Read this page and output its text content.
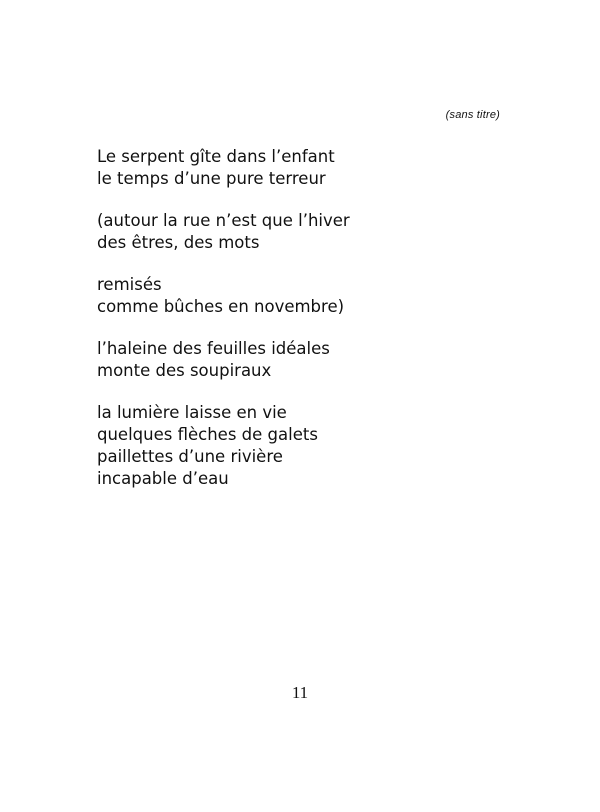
(sans titre)
Le serpent gîte dans l’enfant
le temps d’une pure terreur
(autour la rue n’est que l’hiver
des êtres, des mots
remisés
comme bûches en novembre)
l’haleine des feuilles idéales
monte des soupiraux
la lumière laisse en vie
quelques flèches de galets
paillettes d’une rivière
incapable d’eau
11
